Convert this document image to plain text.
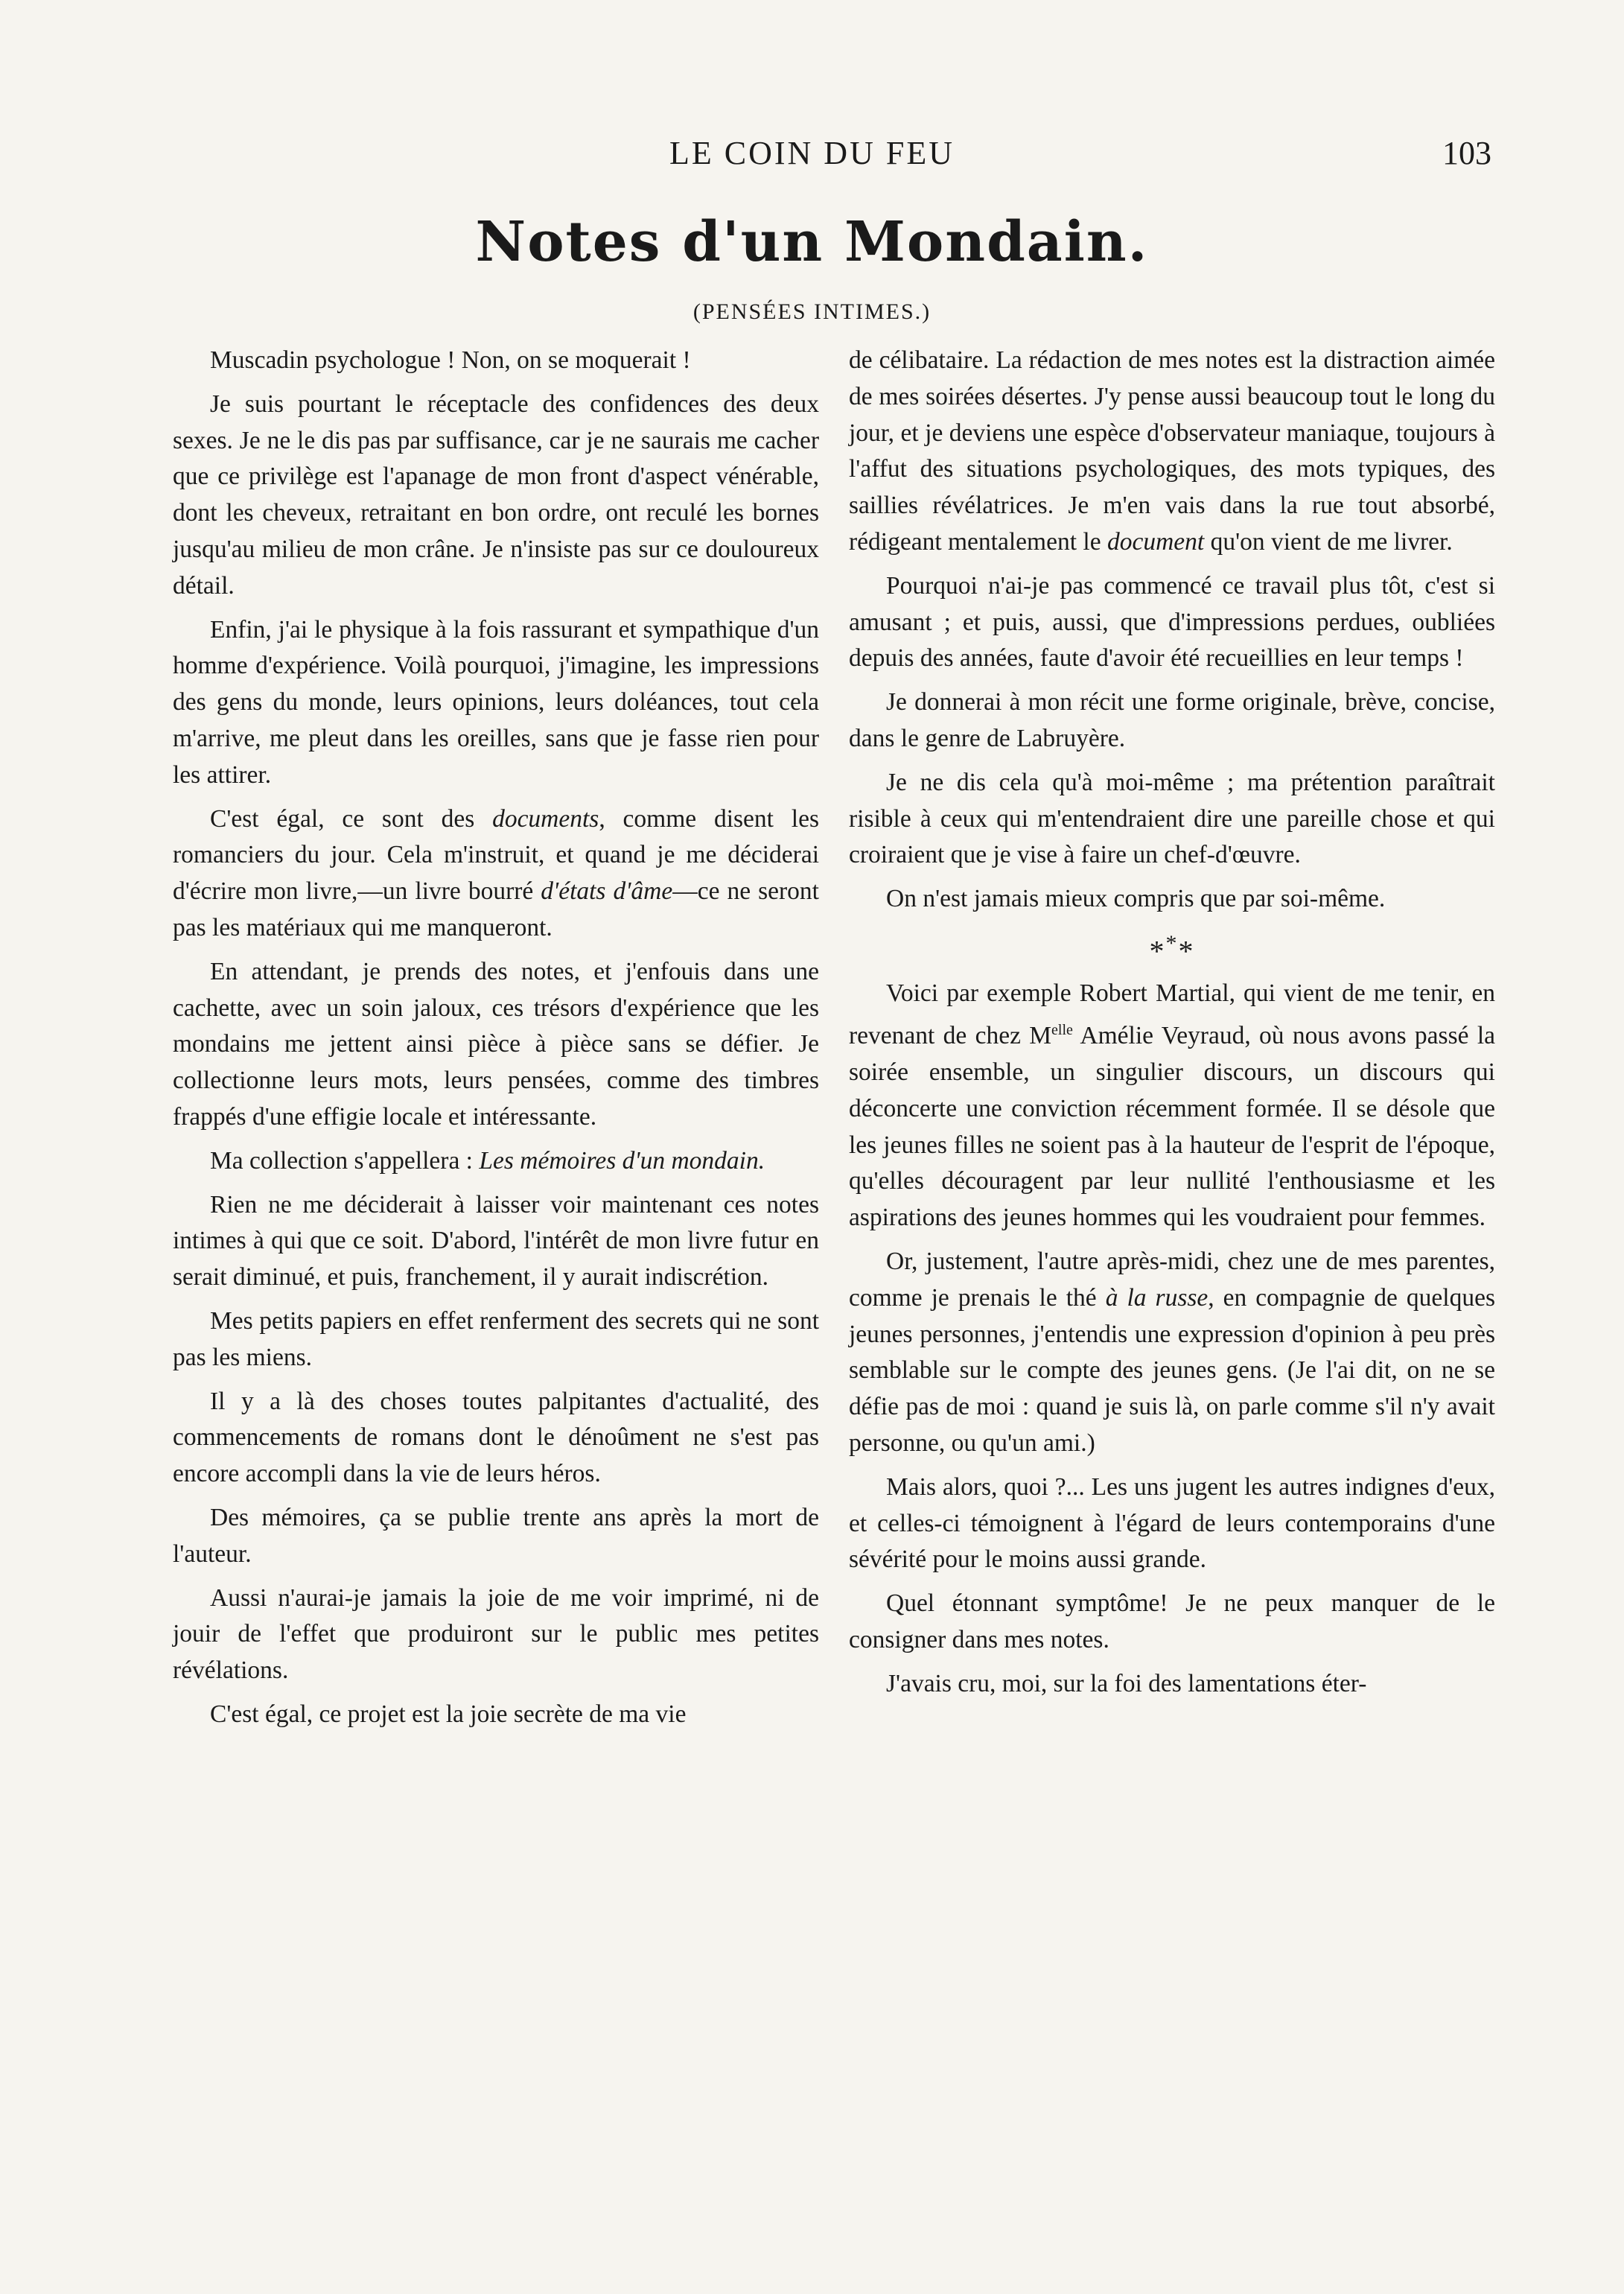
LE COIN DU FEU	103
Notes d'un Mondain.
(PENSÉES INTIMES.)

Muscadin psychologue ! Non, on se moquerait !

Je suis pourtant le réceptacle des confidences des deux sexes. Je ne le dis pas par suffisance, car je ne saurais me cacher que ce privilège est l'apanage de mon front d'aspect vénérable, dont les cheveux, retraitant en bon ordre, ont reculé les bornes jusqu'au milieu de mon crâne. Je n'insiste pas sur ce douloureux détail.

Enfin, j'ai le physique à la fois rassurant et sympathique d'un homme d'expérience. Voilà pourquoi, j'imagine, les impressions des gens du monde, leurs opinions, leurs doléances, tout cela m'arrive, me pleut dans les oreilles, sans que je fasse rien pour les attirer.

C'est égal, ce sont des documents, comme disent les romanciers du jour. Cela m'instruit, et quand je me déciderai d'écrire mon livre,—un livre bourré d'états d'âme—ce ne seront pas les matériaux qui me manqueront.

En attendant, je prends des notes, et j'enfouis dans une cachette, avec un soin jaloux, ces trésors d'expérience que les mondains me jettent ainsi pièce à pièce sans se défier. Je collectionne leurs mots, leurs pensées, comme des timbres frappés d'une effigie locale et intéressante.

Ma collection s'appellera : Les mémoires d'un mondain.

Rien ne me déciderait à laisser voir maintenant ces notes intimes à qui que ce soit. D'abord, l'intérêt de mon livre futur en serait diminué, et puis, franchement, il y aurait indiscrétion.

Mes petits papiers en effet renferment des secrets qui ne sont pas les miens.

Il y a là des choses toutes palpitantes d'actualité, des commencements de romans dont le dénoûment ne s'est pas encore accompli dans la vie de leurs héros.

Des mémoires, ça se publie trente ans après la mort de l'auteur.

Aussi n'aurai-je jamais la joie de me voir imprimé, ni de jouir de l'effet que produiront sur le public mes petites révélations.

C'est égal, ce projet est la joie secrète de ma vie

de célibataire. La rédaction de mes notes est la distraction aimée de mes soirées désertes. J'y pense aussi beaucoup tout le long du jour, et je deviens une espèce d'observateur maniaque, toujours à l'affut des situations psychologiques, des mots typiques, des saillies révélatrices. Je m'en vais dans la rue tout absorbé, rédigeant mentalement le document qu'on vient de me livrer.

Pourquoi n'ai-je pas commencé ce travail plus tôt, c'est si amusant ; et puis, aussi, que d'impressions perdues, oubliées depuis des années, faute d'avoir été recueillies en leur temps !

Je donnerai à mon récit une forme originale, brève, concise, dans le genre de Labruyère.

Je ne dis cela qu'à moi-même ; ma prétention paraîtrait risible à ceux qui m'entendraient dire une pareille chose et qui croiraient que je vise à faire un chef-d'œuvre.

On n'est jamais mieux compris que par soi-même.

***

Voici par exemple Robert Martial, qui vient de me tenir, en revenant de chez $M^{elle}$ Amélie Veyraud, où nous avons passé la soirée ensemble, un singulier discours, un discours qui déconcerte une conviction récemment formée. Il se désole que les jeunes filles ne soient pas à la hauteur de l'esprit de l'époque, qu'elles découragent par leur nullité l'enthousiasme et les aspirations des jeunes hommes qui les voudraient pour femmes.

Or, justement, l'autre après-midi, chez une de mes parentes, comme je prenais le thé à la russe, en compagnie de quelques jeunes personnes, j'entendis une expression d'opinion à peu près semblable sur le compte des jeunes gens. (Je l'ai dit, on ne se défie pas de moi : quand je suis là, on parle comme s'il n'y avait personne, ou qu'un ami.)

Mais alors, quoi ?... Les uns jugent les autres indignes d'eux, et celles-ci témoignent à l'égard de leurs contemporains d'une sévérité pour le moins aussi grande.

Quel étonnant symptôme! Je ne peux manquer de le consigner dans mes notes.

J'avais cru, moi, sur la foi des lamentations éter-
